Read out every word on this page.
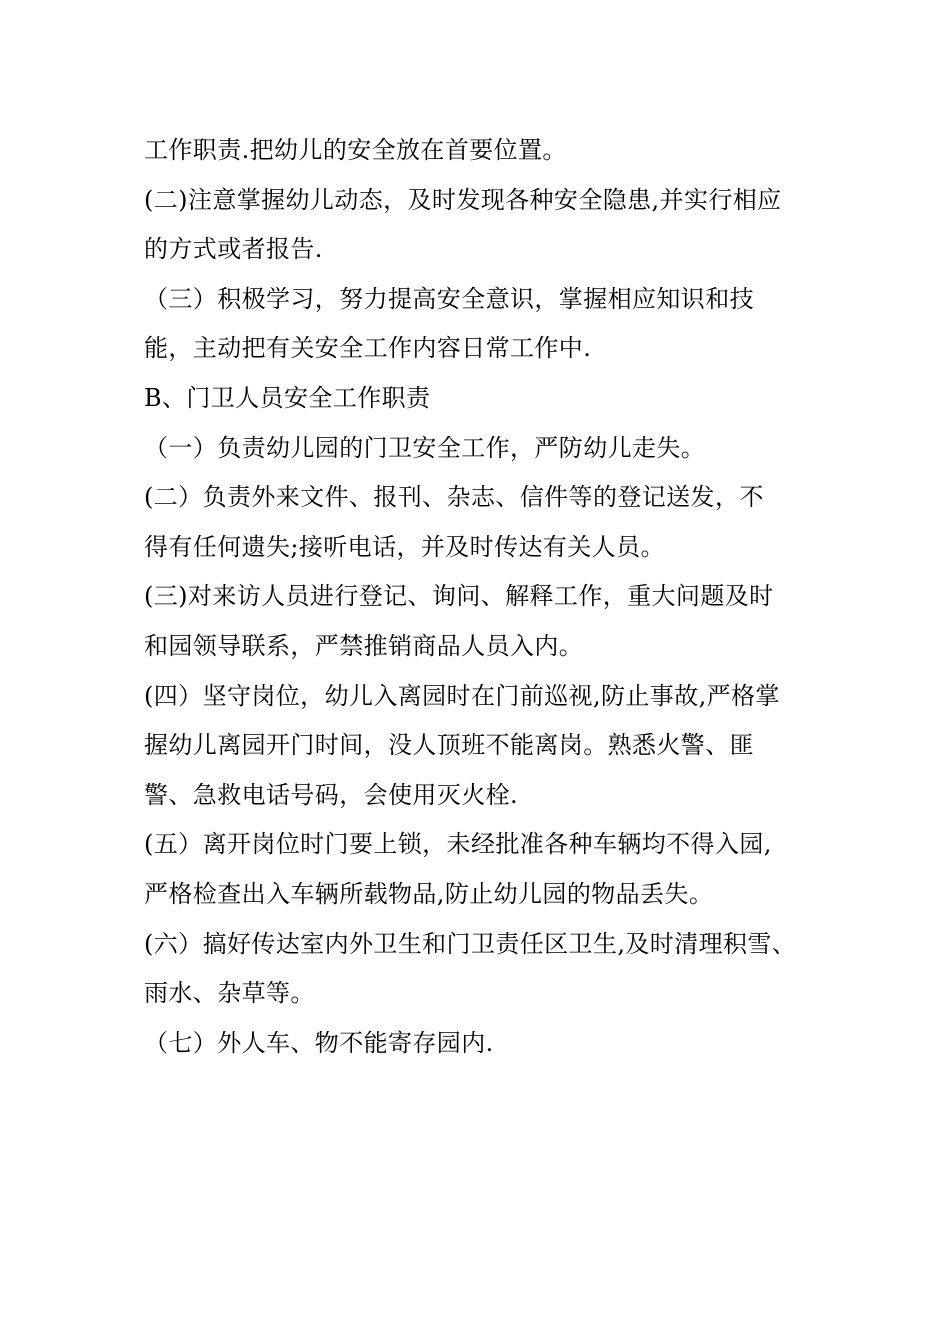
工作职责.把幼儿的安全放在首要位置。

(二)注意掌握幼儿动态，及时发现各种安全隐患,并实行相应

的方式或者报告.

（三）积极学习，努力提高安全意识，掌握相应知识和技

能，主动把有关安全工作内容日常工作中.

B、门卫人员安全工作职责

（一）负责幼儿园的门卫安全工作，严防幼儿走失。

(二）负责外来文件、报刊、杂志、信件等的登记送发，不

得有任何遗失;接听电话，并及时传达有关人员。

(三)对来访人员进行登记、询问、解释工作，重大问题及时

和园领导联系，严禁推销商品人员入内。

(四）坚守岗位，幼儿入离园时在门前巡视,防止事故,严格掌

握幼儿离园开门时间，没人顶班不能离岗。熟悉火警、匪

警、急救电话号码，会使用灭火栓.

(五）离开岗位时门要上锁，未经批准各种车辆均不得入园,

严格检查出入车辆所载物品,防止幼儿园的物品丢失。

(六）搞好传达室内外卫生和门卫责任区卫生,及时清理积雪、

雨水、杂草等。

（七）外人车、物不能寄存园内.
